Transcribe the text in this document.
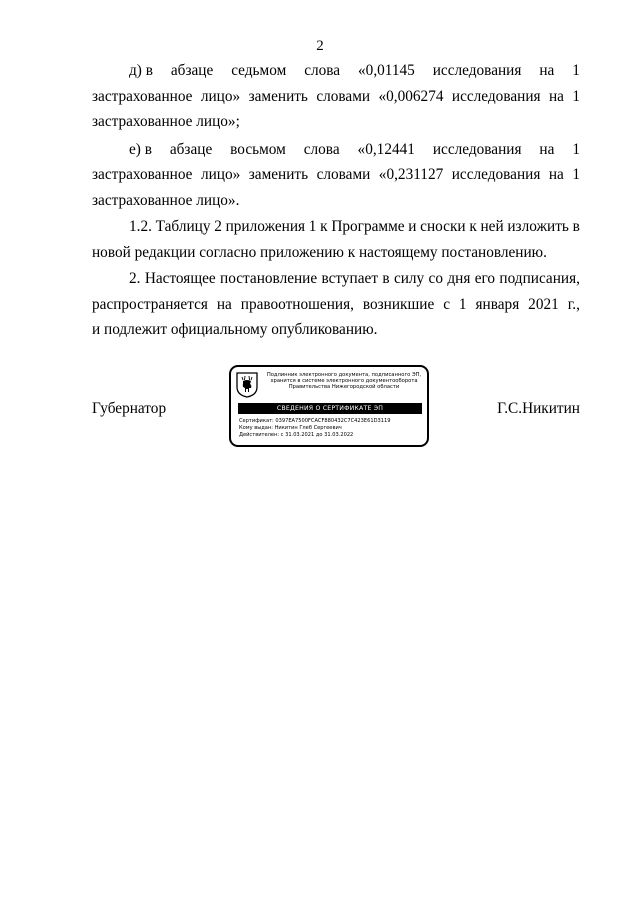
2
д) в абзаце седьмом слова «0,01145 исследования на 1
застрахованное лицо» заменить словами «0,006274 исследования на 1
застрахованное лицо»;
е) в абзаце восьмом слова «0,12441 исследования на 1
застрахованное лицо» заменить словами «0,231127 исследования на 1
застрахованное лицо».
1.2. Таблицу 2 приложения 1 к Программе и сноски к ней изложить в
новой редакции согласно приложению к настоящему постановлению.
2. Настоящее постановление вступает в силу со дня его подписания,
распространяется на правоотношения, возникшие с 1 января 2021 г.,
и подлежит официальному опубликованию.
Губернатор
Подлинник электронного документа, подписанного ЭП,
хранится в системе электронного документооборота
Правительства Нижегородской области
СВЕДЕНИЯ О СЕРТИФИКАТЕ ЭП
Сертификат: 0397EA7500FCACF880432C7C423E61D3119
Кому выдан: Никитин Глеб Сергеевич
Действителен: с 31.03.2021 до 31.03.2022
Г.С.Никитин
